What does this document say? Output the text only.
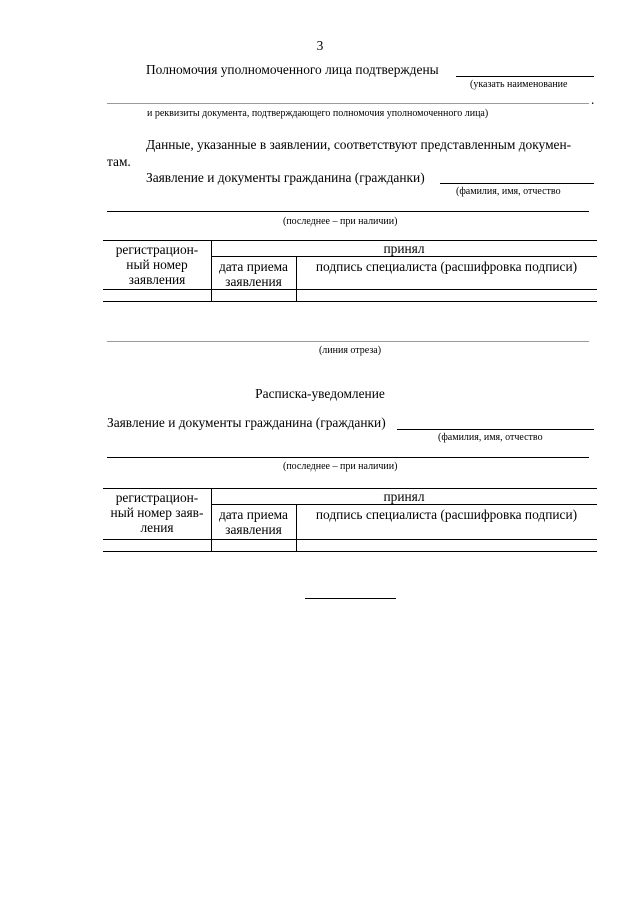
3
Полномочия уполномоченного лица подтверждены
(указать наименование
.
и реквизиты документа, подтверждающего полномочия уполномоченного лица)
Данные, указанные в заявлении, соответствуют представленным докумен-
там.
Заявление и документы гражданина (гражданки)
(фамилия, имя, отчество
(последнее – при наличии)
регистрацион-
ный номер
заявления
принял
дата приема
заявления
подпись специалиста (расшифровка подписи)
(линия отреза)
Расписка-уведомление
Заявление и документы гражданина (гражданки)
(фамилия, имя, отчество
(последнее – при наличии)
регистрацион-
ный номер заяв-
ления
принял
дата приема
заявления
подпись специалиста (расшифровка подписи)
